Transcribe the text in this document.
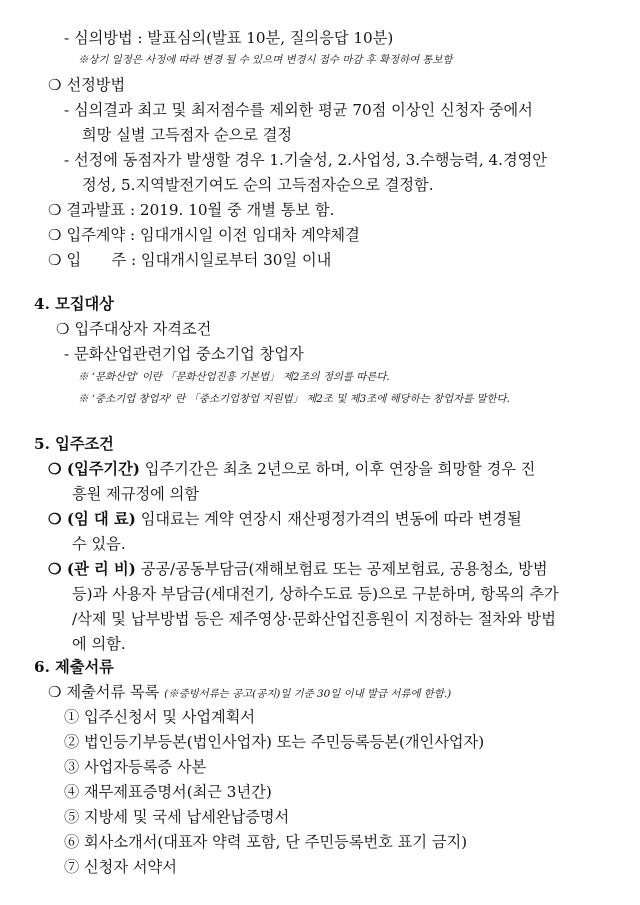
- 심의방법 : 발표심의(발표 10분, 질의응답 10분)
※상기 일정은 사정에 따라 변경 될 수 있으며 변경시 접수 마감 후 확정하여 통보함
❍ 선정방법
- 심의결과 최고 및 최저점수를 제외한 평균 70점 이상인 신청자 중에서
희망 실별 고득점자 순으로 결정
- 선정에 동점자가 발생할 경우 1.기술성, 2.사업성, 3.수행능력, 4.경영안
정성, 5.지역발전기여도 순의 고득점자순으로 결정함.
❍ 결과발표 : 2019. 10월 중 개별 통보 함.
❍ 입주계약 : 임대개시일 이전 임대차 계약체결
❍ 입　　주 : 임대개시일로부터 30일 이내
4. 모집대상
❍ 입주대상자 자격조건
- 문화산업관련기업 중소기업 창업자
※ ‘문화산업’ 이란 「문화산업진흥 기본법」 제2조의 정의를 따른다.
※ ‘중소기업 창업자’ 란 「중소기업창업 지원법」 제2조 및 제3조에 해당하는 창업자를 말한다.
5. 입주조건
❍ (입주기간) 입주기간은 최초 2년으로 하며, 이후 연장을 희망할 경우 진
흥원 제규정에 의함
❍ (임 대 료) 임대료는 계약 연장시 재산평정가격의 변동에 따라 변경될
수 있음.
❍ (관 리 비) 공공/공동부담금(재해보험료 또는 공제보험료, 공용청소, 방범
등)과 사용자 부담금(세대전기, 상하수도료 등)으로 구분하며, 항목의 추가
/삭제 및 납부방법 등은 제주영상·문화산업진흥원이 지정하는 절차와 방법
에 의함.
6. 제출서류
❍ 제출서류 목록 (※증빙서류는 공고(공지)일 기준 30일 이내 발급 서류에 한함.)
① 입주신청서 및 사업계획서
② 법인등기부등본(법인사업자) 또는 주민등록등본(개인사업자)
③ 사업자등록증 사본
④ 재무제표증명서(최근 3년간)
⑤ 지방세 및 국세 납세완납증명서
⑥ 회사소개서(대표자 약력 포함, 단 주민등록번호 표기 금지)
⑦ 신청자 서약서
